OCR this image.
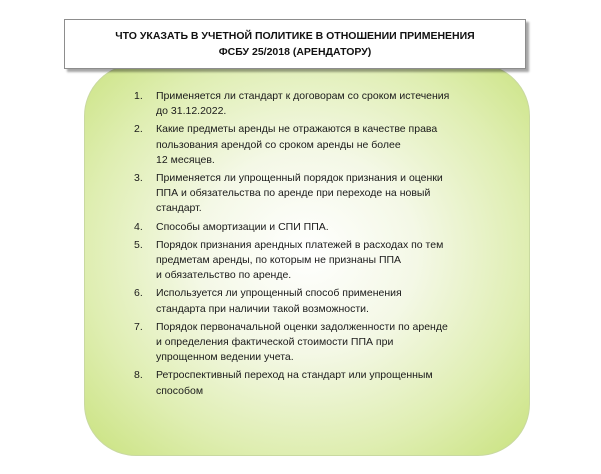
ЧТО УКАЗАТЬ В УЧЕТНОЙ ПОЛИТИКЕ В ОТНОШЕНИИ ПРИМЕНЕНИЯ
ФСБУ 25/2018 (АРЕНДАТОРУ)
1.	Применяется ли стандарт к договорам со сроком истечения
до 31.12.2022.
2.	Какие предметы аренды не отражаются в качестве права
пользования арендой со сроком аренды не более
12 месяцев.
3.	Применяется ли упрощенный порядок признания и оценки
ППА и обязательства по аренде при переходе на новый
стандарт.
4.	Способы амортизации и СПИ ППА.
5.	Порядок признания арендных платежей в расходах по тем
предметам аренды, по которым не признаны ППА
и обязательство по аренде.
6.	Используется ли упрощенный способ применения
стандарта при наличии такой возможности.
7.	Порядок первоначальной оценки задолженности по аренде
и определения фактической стоимости ППА при
упрощенном ведении учета.
8.	Ретроспективный переход на стандарт или упрощенным
способом
